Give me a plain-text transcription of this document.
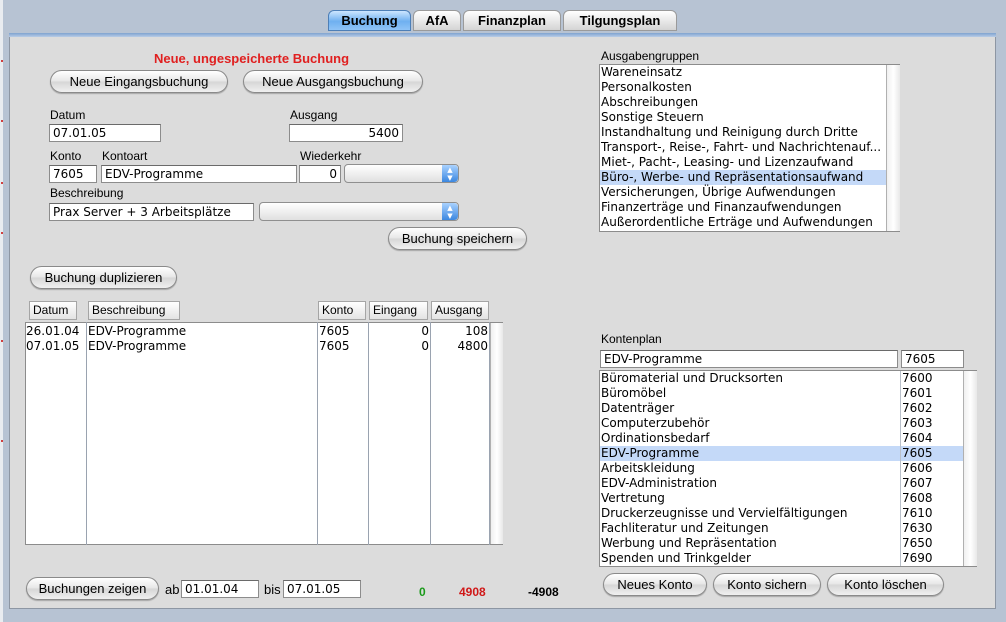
Buchung	AfA	Finanzplan	Tilgungsplan
Neue, ungespeicherte Buchung
Neue Eingangsbuchung	Neue Ausgangsbuchung
Datum
07.01.05
Ausgang
5400
Konto
7605
Kontoart
EDV-Programme
Wiederkehr
0	▲
▼
Beschreibung
Prax Server + 3 Arbeitsplätze	▲
▼
Buchung speichern
Buchung duplizieren
Datum	Beschreibung	Konto	Eingang	Ausgang
26.01.04 EDV-Programme	7605	0	108
07.01.05 EDV-Programme	7605	0	4800
Buchungen zeigen	ab 01.01.04	bis 07.01.05	0	4908	-4908
Ausgabengruppen
Wareneinsatz
Personalkosten
Abschreibungen
Sonstige Steuern
Instandhaltung und Reinigung durch Dritte
Transport-, Reise-, Fahrt- und Nachrichtenauf...
Miet-, Pacht-, Leasing- und Lizenzaufwand
Büro-, Werbe- und Repräsentationsaufwand
Versicherungen, Übrige Aufwendungen
Finanzerträge und Finanzaufwendungen
Außerordentliche Erträge und Aufwendungen
Kontenplan
EDV-Programme	7605
Büromaterial und Drucksorten	7600
Büromöbel	7601
Datenträger	7602
Computerzubehör	7603
Ordinationsbedarf	7604
EDV-Programme	7605
Arbeitskleidung	7606
EDV-Administration	7607
Vertretung	7608
Druckerzeugnisse und Vervielfältigungen	7610
Fachliteratur und Zeitungen	7630
Werbung und Repräsentation	7650
Spenden und Trinkgelder	7690
Neues Konto	Konto sichern	Konto löschen
